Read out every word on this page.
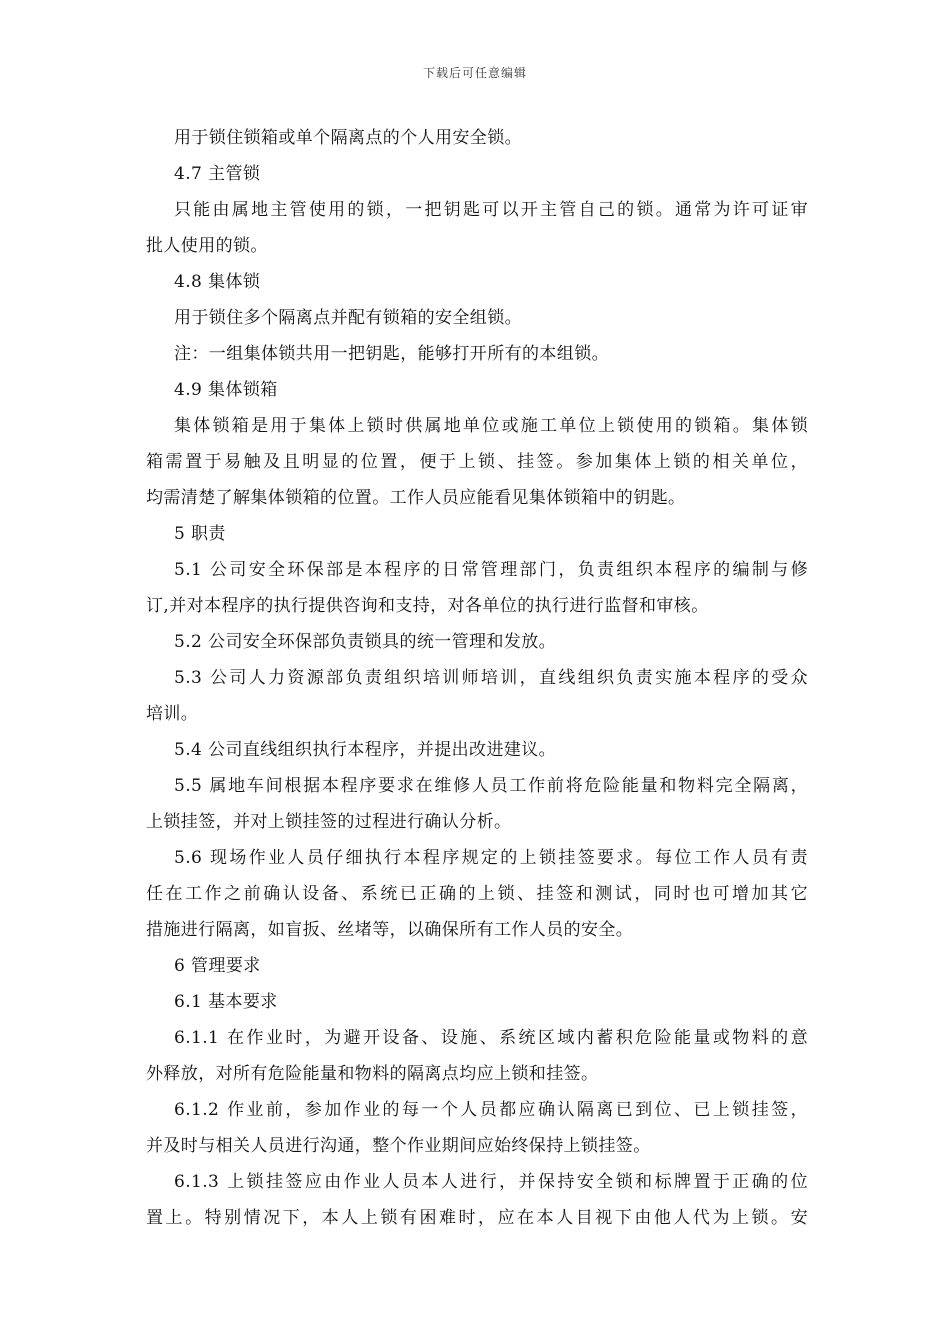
下载后可任意编辑
用于锁住锁箱或单个隔离点的个人用安全锁。
4.7 主管锁
只能由属地主管使用的锁，一把钥匙可以开主管自己的锁。通常为许可证审
批人使用的锁。
4.8 集体锁
用于锁住多个隔离点并配有锁箱的安全组锁。
注：一组集体锁共用一把钥匙，能够打开所有的本组锁。
4.9 集体锁箱
集体锁箱是用于集体上锁时供属地单位或施工单位上锁使用的锁箱。集体锁
箱需置于易触及且明显的位置，便于上锁、挂签。参加集体上锁的相关单位，
均需清楚了解集体锁箱的位置。工作人员应能看见集体锁箱中的钥匙。
5 职责
5.1 公司安全环保部是本程序的日常管理部门，负责组织本程序的编制与修
订,并对本程序的执行提供咨询和支持，对各单位的执行进行监督和审核。
5.2 公司安全环保部负责锁具的统一管理和发放。
5.3 公司人力资源部负责组织培训师培训，直线组织负责实施本程序的受众
培训。
5.4 公司直线组织执行本程序，并提出改进建议。
5.5 属地车间根据本程序要求在维修人员工作前将危险能量和物料完全隔离，
上锁挂签，并对上锁挂签的过程进行确认分析。
5.6 现场作业人员仔细执行本程序规定的上锁挂签要求。每位工作人员有责
任在工作之前确认设备、系统已正确的上锁、挂签和测试，同时也可增加其它
措施进行隔离，如盲扳、丝堵等，以确保所有工作人员的安全。
6 管理要求
6.1 基本要求
6.1.1 在作业时，为避开设备、设施、系统区域内蓄积危险能量或物料的意
外释放，对所有危险能量和物料的隔离点均应上锁和挂签。
6.1.2 作业前，参加作业的每一个人员都应确认隔离已到位、已上锁挂签，
并及时与相关人员进行沟通，整个作业期间应始终保持上锁挂签。
6.1.3 上锁挂签应由作业人员本人进行，并保持安全锁和标牌置于正确的位
置上。特别情况下，本人上锁有困难时，应在本人目视下由他人代为上锁。安
